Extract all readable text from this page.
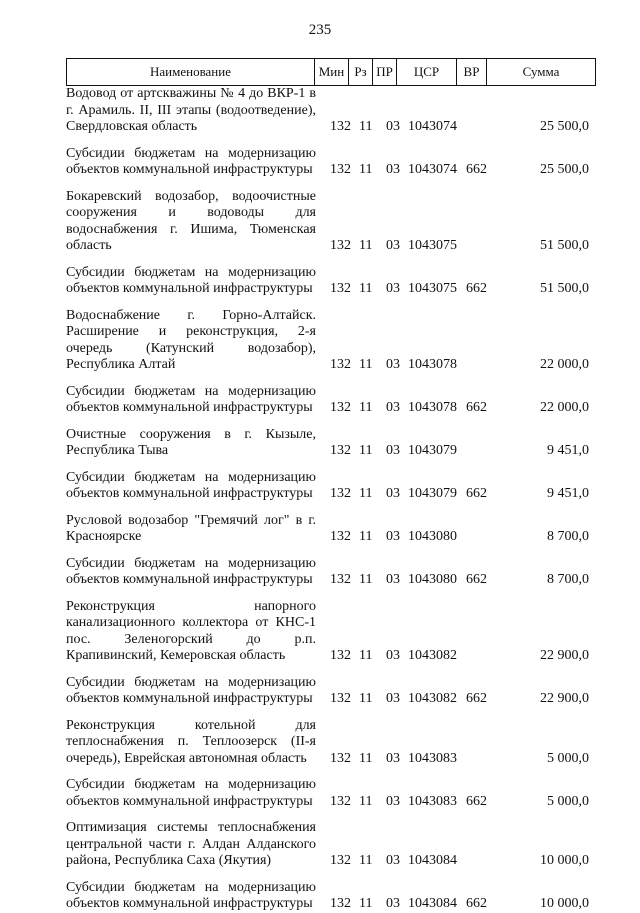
235
Наименование	Мин Рз ПР	ЦСР	ВР	Сумма
Водовод от артскважины № 4 до ВКР-1 в г. Арамиль. II, III этапы (водоотведение), Свердловская область	132 11 03 1043074	25 500,0
Субсидии бюджетам на модернизацию объектов коммунальной инфраструктуры 132 11 03 1043074 662	25 500,0
Бокаревский водозабор, водоочистные сооружения и водоводы для водоснабжения г. Ишима, Тюменская область	132 11 03 1043075	51 500,0
Субсидии бюджетам на модернизацию объектов коммунальной инфраструктуры 132 11 03 1043075 662	51 500,0
Водоснабжение г. Горно-Алтайск. Расширение и реконструкция, 2-я очередь (Катунский водозабор), Республика Алтай	132 11 03 1043078	22 000,0
Субсидии бюджетам на модернизацию объектов коммунальной инфраструктуры 132 11 03 1043078 662	22 000,0
Очистные сооружения в г. Кызыле, Республика Тыва	132 11 03 1043079	9 451,0
Субсидии бюджетам на модернизацию объектов коммунальной инфраструктуры 132 11 03 1043079 662	9 451,0
Русловой водозабор "Гремячий лог" в г. Красноярске	132 11 03 1043080	8 700,0
Субсидии бюджетам на модернизацию объектов коммунальной инфраструктуры 132 11 03 1043080 662	8 700,0
Реконструкция напорного канализационного коллектора от КНС-1 пос. Зеленогорский до р.п. Крапивинский, Кемеровская область	132 11 03 1043082	22 900,0
Субсидии бюджетам на модернизацию объектов коммунальной инфраструктуры 132 11 03 1043082 662	22 900,0
Реконструкция котельной для теплоснабжения п. Теплоозерск (II-я очередь), Еврейская автономная область	132 11 03 1043083	5 000,0
Субсидии бюджетам на модернизацию объектов коммунальной инфраструктуры 132 11 03 1043083 662	5 000,0
Оптимизация системы теплоснабжения центральной части г. Алдан Алданского района, Республика Саха (Якутия)	132 11 03 1043084	10 000,0
Субсидии бюджетам на модернизацию объектов коммунальной инфраструктуры 132 11 03 1043084 662	10 000,0
